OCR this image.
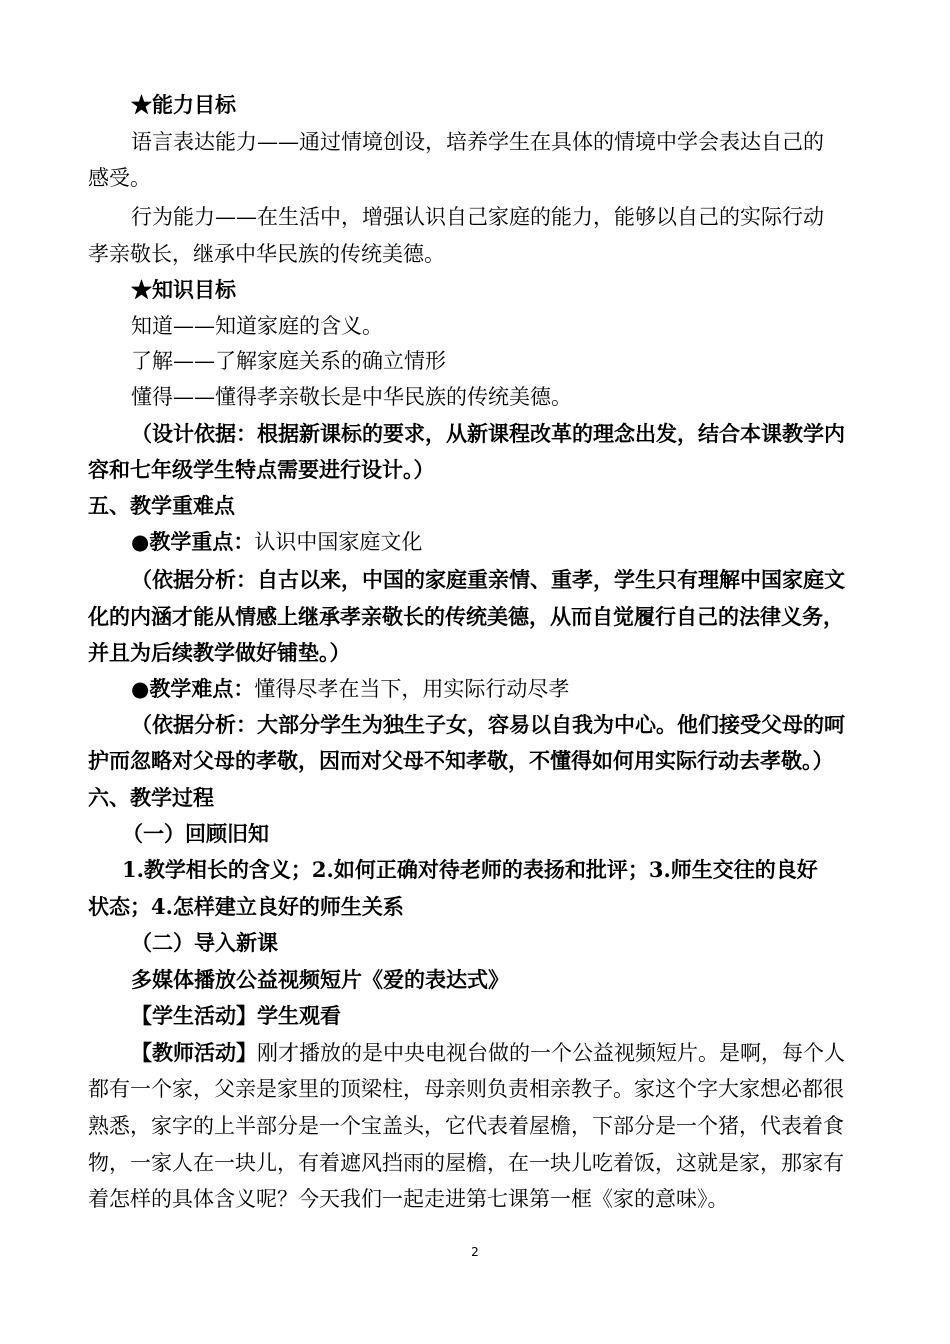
★能力目标
语言表达能力——通过情境创设，培养学生在具体的情境中学会表达自己的
感受。
行为能力——在生活中，增强认识自己家庭的能力，能够以自己的实际行动
孝亲敬长，继承中华民族的传统美德。
★知识目标
知道——知道家庭的含义。
了解——了解家庭关系的确立情形
懂得——懂得孝亲敬长是中华民族的传统美德。
（设计依据：根据新课标的要求，从新课程改革的理念出发，结合本课教学内
容和七年级学生特点需要进行设计。）
五、教学重难点
●教学重点：认识中国家庭文化
（依据分析：自古以来，中国的家庭重亲情、重孝，学生只有理解中国家庭文
化的内涵才能从情感上继承孝亲敬长的传统美德，从而自觉履行自己的法律义务，
并且为后续教学做好铺垫。）
●教学难点：懂得尽孝在当下，用实际行动尽孝
（依据分析：大部分学生为独生子女，容易以自我为中心。他们接受父母的呵
护而忽略对父母的孝敬，因而对父母不知孝敬，不懂得如何用实际行动去孝敬。）
六、教学过程
（一）回顾旧知
1.教学相长的含义；2.如何正确对待老师的表扬和批评；3.师生交往的良好
状态；4.怎样建立良好的师生关系
（二）导入新课
多媒体播放公益视频短片《爱的表达式》
【学生活动】学生观看
【教师活动】刚才播放的是中央电视台做的一个公益视频短片。是啊，每个人
都有一个家，父亲是家里的顶梁柱，母亲则负责相亲教子。家这个字大家想必都很
熟悉，家字的上半部分是一个宝盖头，它代表着屋檐，下部分是一个猪，代表着食
物，一家人在一块儿，有着遮风挡雨的屋檐，在一块儿吃着饭，这就是家，那家有
着怎样的具体含义呢？今天我们一起走进第七课第一框《家的意味》。
2
